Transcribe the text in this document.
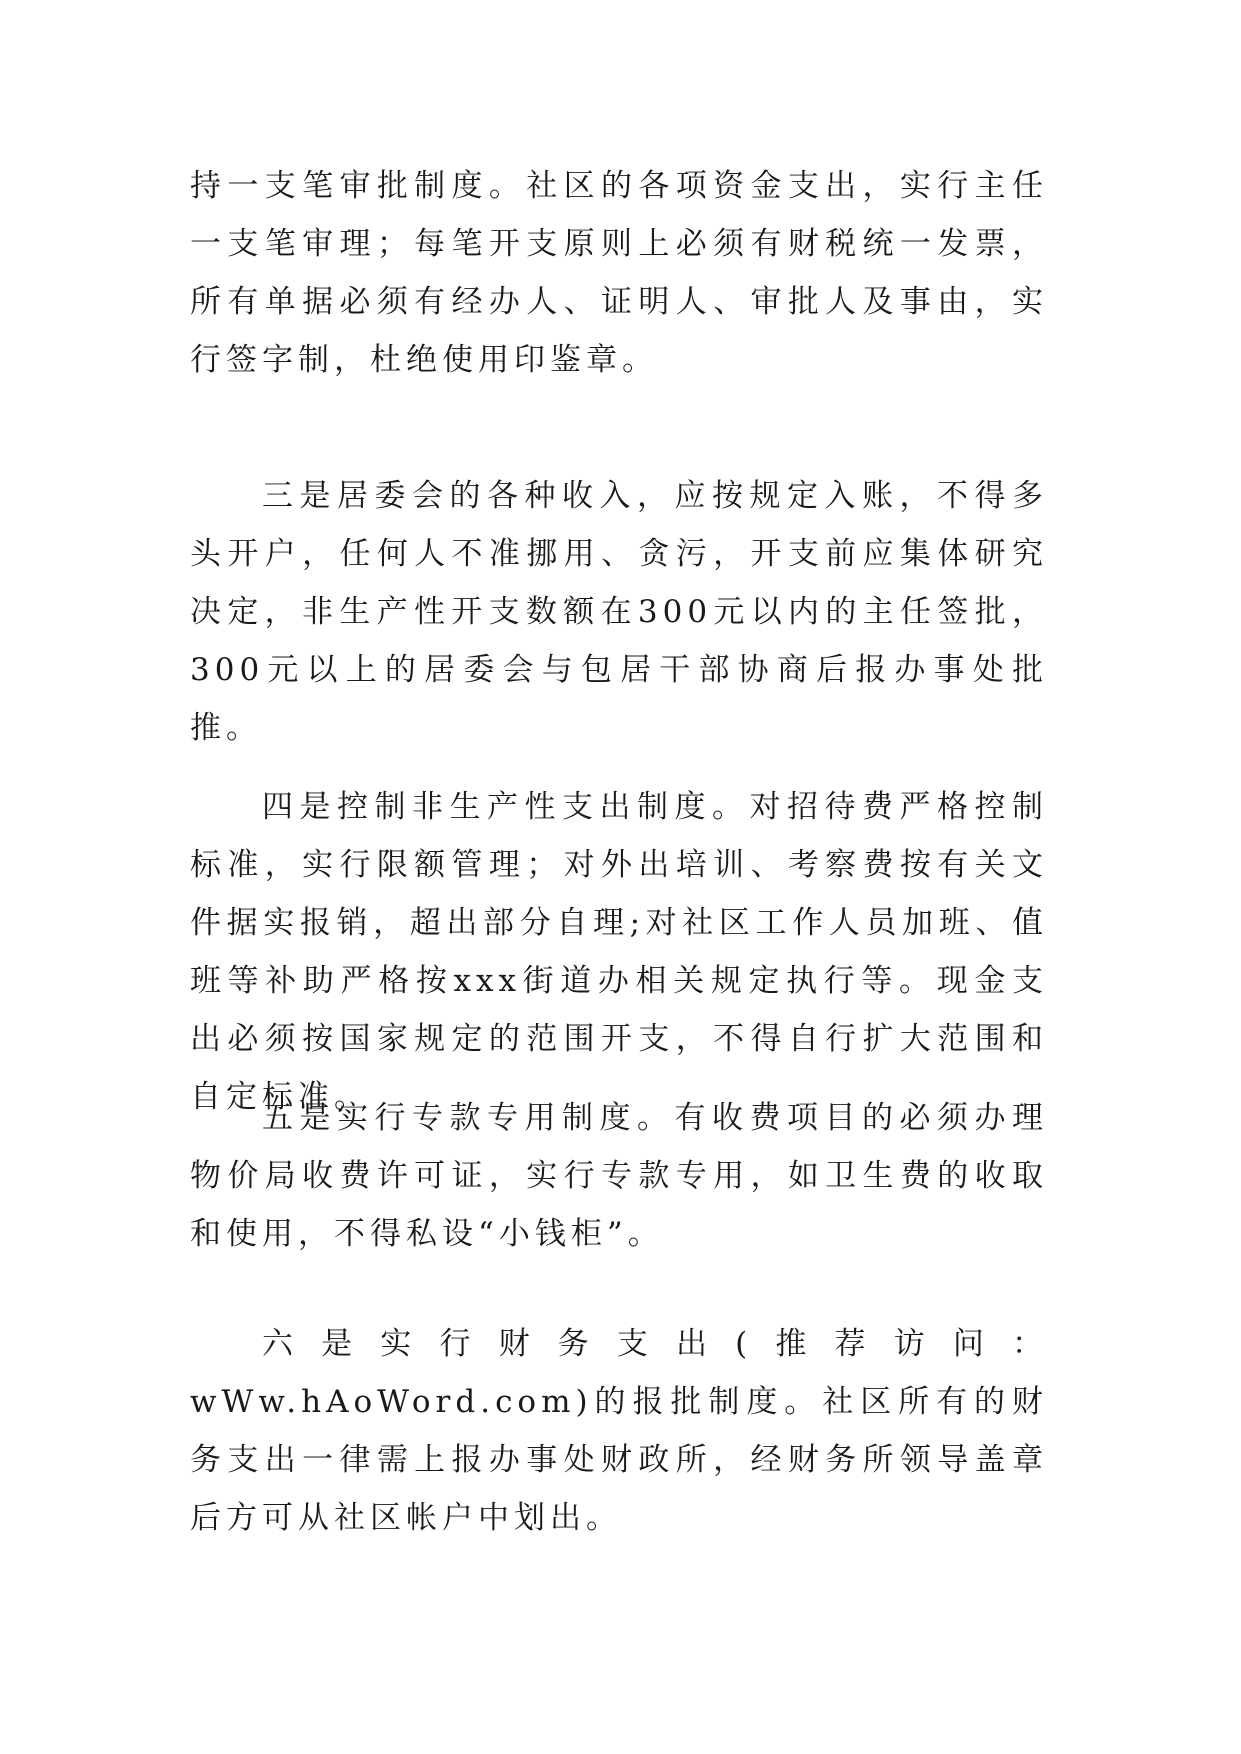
持一支笔审批制度。社区的各项资金支出，实行主任一支笔审理；每笔开支原则上必须有财税统一发票，所有单据必须有经办人、证明人、审批人及事由，实行签字制，杜绝使用印鉴章。

三是居委会的各种收入，应按规定入账，不得多头开户，任何人不准挪用、贪污，开支前应集体研究决定，非生产性开支数额在300元以内的主任签批，300元以上的居委会与包居干部协商后报办事处批推。

四是控制非生产性支出制度。对招待费严格控制标准，实行限额管理；对外出培训、考察费按有关文件据实报销，超出部分自理;对社区工作人员加班、值班等补助严格按xxx街道办相关规定执行等。现金支出必须按国家规定的范围开支，不得自行扩大范围和自定标准。

五是实行专款专用制度。有收费项目的必须办理物价局收费许可证，实行专款专用，如卫生费的收取和使用，不得私设“小钱柜”。

六是实行财务支出(推荐访问：wWw.hAoWord.com)的报批制度。社区所有的财务支出一律需上报办事处财政所，经财务所领导盖章后方可从社区帐户中划出。
